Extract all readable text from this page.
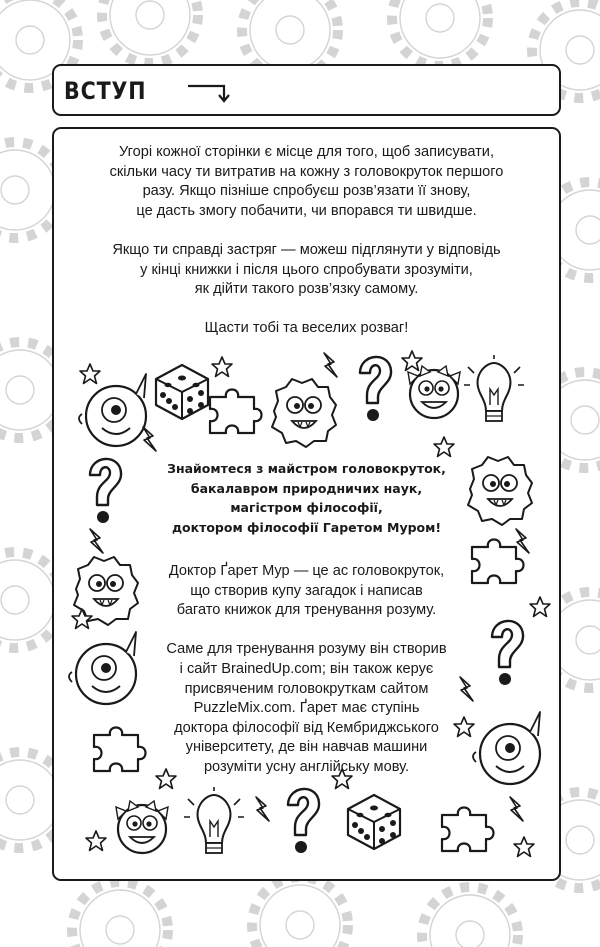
ВСТУП

Угорі кожної сторінки є місце для того, щоб записувати,
скільки часу ти витратив на кожну з головокруток першого
разу. Якщо пізніше спробуєш розв’язати її знову,
це дасть змогу побачити, чи впорався ти швидше.

Якщо ти справді застряг — можеш підглянути у відповідь
у кінці книжки і після цього спробувати зрозуміти,
як дійти такого розв’язку самому.

Щасти тобі та веселих розваг!

Знайомтеся з майстром головокруток,
бакалавром природничих наук,
магістром філософії,
доктором філософії Гаретом Муром!

Доктор Ґарет Мур — це ас головокруток,
що створив купу загадок і написав
багато книжок для тренування розуму.

Саме для тренування розуму він створив
і сайт BrainedUp.com; він також керує
присвяченим головокруткам сайтом
PuzzleMix.com. Ґарет має ступінь
доктора філософії від Кембриджського
університету, де він навчав машини
розуміти усну англійську мову.
